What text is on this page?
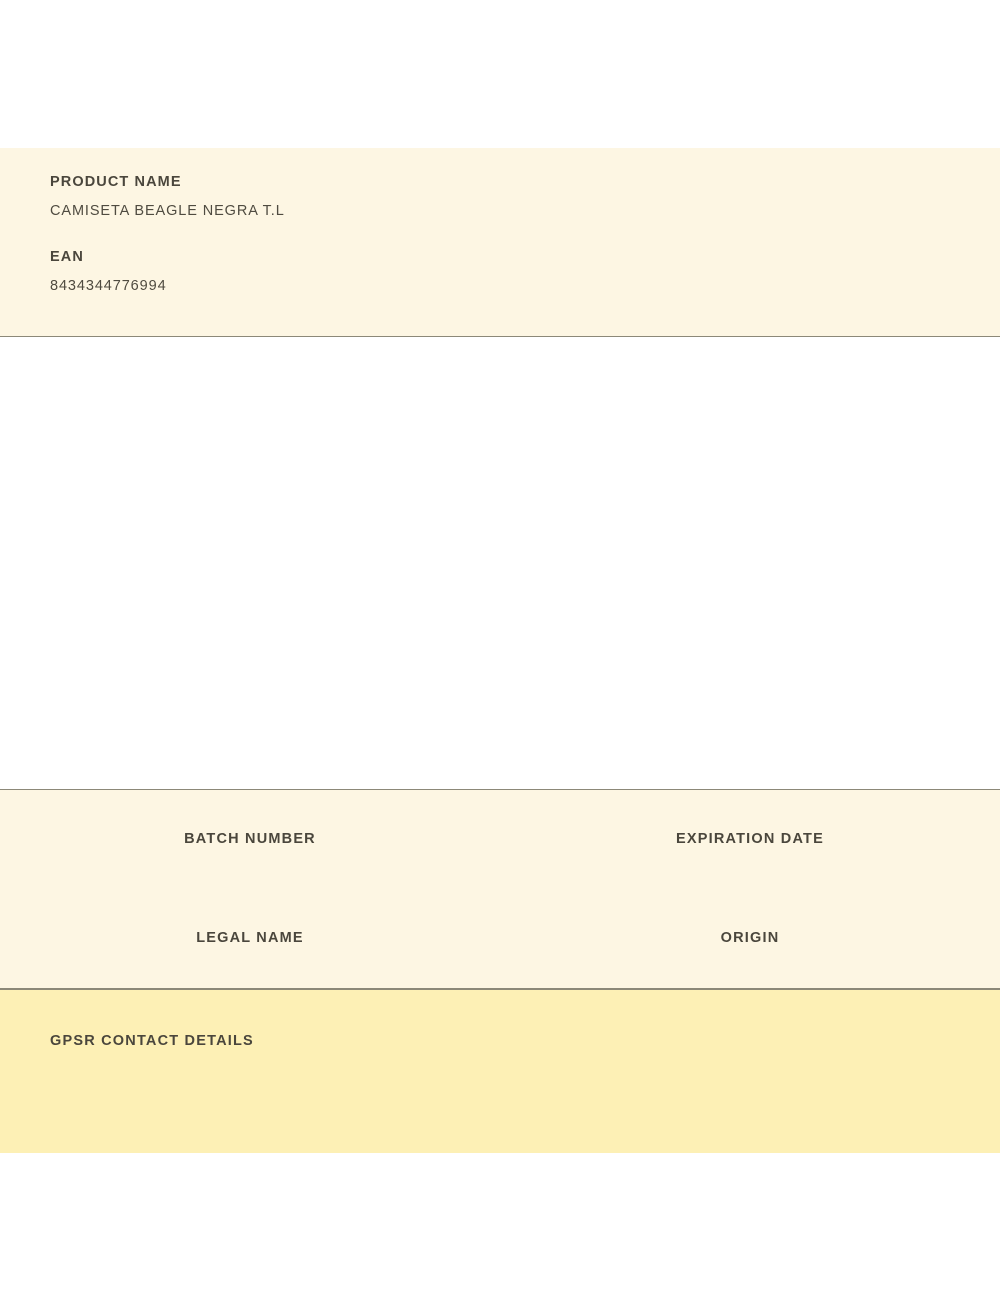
PRODUCT NAME
CAMISETA BEAGLE NEGRA T.L
EAN
8434344776994
BATCH NUMBER	EXPIRATION DATE
LEGAL NAME	ORIGIN
GPSR CONTACT DETAILS
